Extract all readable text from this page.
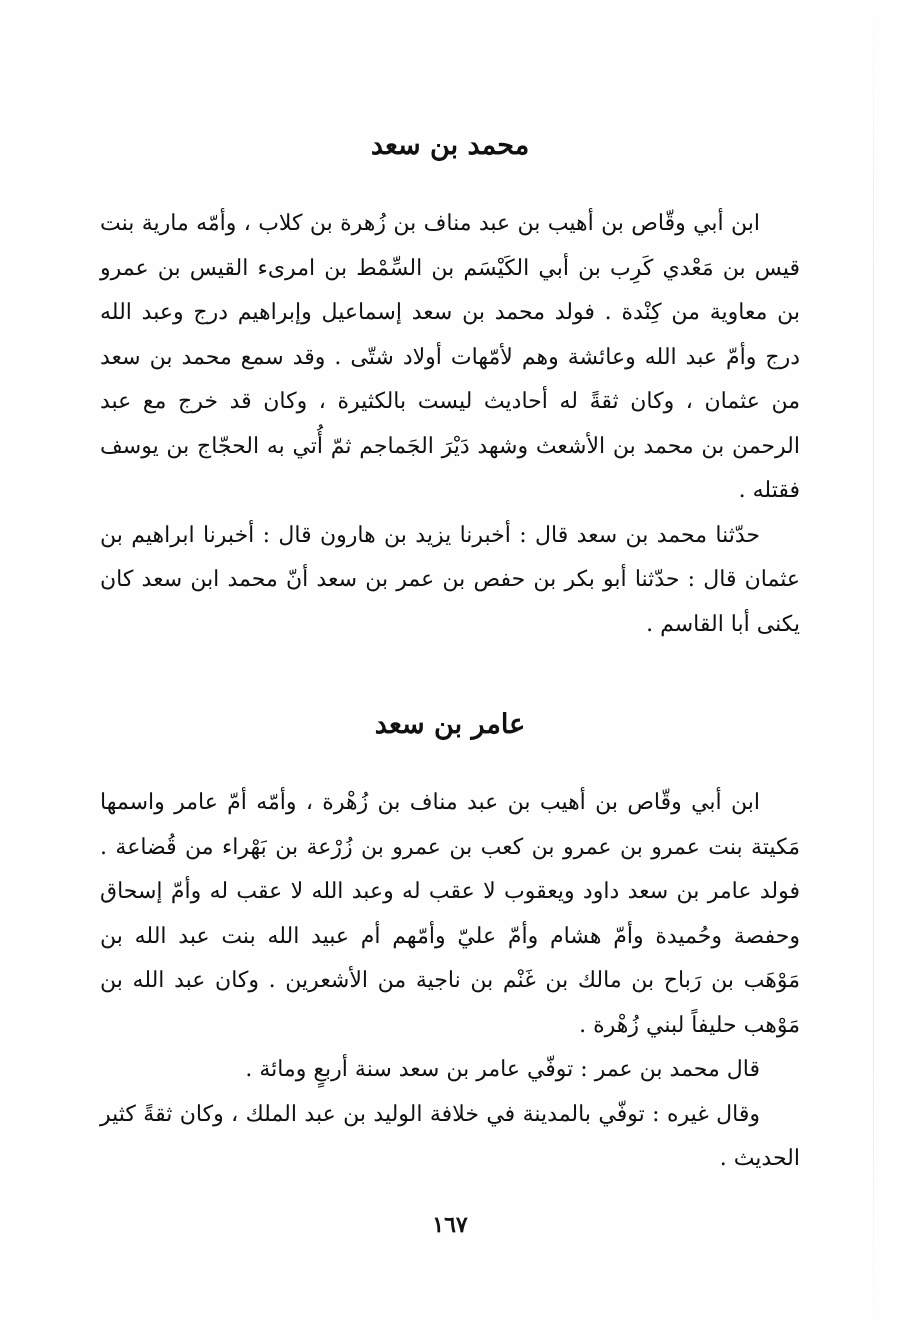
محمد بن سعد

ابن أبي وقّاص بن أهيب بن عبد مناف بن زُهرة بن كلاب ، وأمّه مارية بنت قيس بن مَعْدي كَرِب بن أبي الكَيْسَم بن السِّمْط بن امرىء القيس بن عمرو بن معاوية من كِنْدة . فولد محمد بن سعد إسماعيل وإبراهيم درج وعبد الله درج وأمّ عبد الله وعائشة وهم لأمّهات أولاد شتّى . وقد سمع محمد بن سعد من عثمان ، وكان ثقةً له أحاديث ليست بالكثيرة ، وكان قد خرج مع عبد الرحمن بن محمد بن الأشعث وشهد دَيْرَ الجَماجم ثمّ أُتي به الحجّاج بن يوسف فقتله .

حدّثنا محمد بن سعد قال : أخبرنا يزيد بن هارون قال : أخبرنا ابراهيم بن عثمان قال : حدّثنا أبو بكر بن حفص بن عمر بن سعد أنّ محمد ابن سعد كان يكنى أبا القاسم .

عامر بن سعد

ابن أبي وقّاص بن أهيب بن عبد مناف بن زُهْرة ، وأمّه أمّ عامر واسمها مَكيتة بنت عمرو بن عمرو بن كعب بن عمرو بن زُرْعة بن بَهْراء من قُضاعة . فولد عامر بن سعد داود ويعقوب لا عقب له وعبد الله لا عقب له وأمّ إسحاق وحفصة وحُميدة وأمّ هشام وأمّ عليّ وأمّهم أم عبيد الله بنت عبد الله بن مَوْهَب بن رَباح بن مالك بن غَنْم بن ناجية من الأشعرين . وكان عبد الله بن مَوْهب حليفاً لبني زُهْرة .

قال محمد بن عمر : توفّي عامر بن سعد سنة أربعٍ ومائة .

وقال غيره : توفّي بالمدينة في خلافة الوليد بن عبد الملك ، وكان ثقةً كثير الحديث .

١٦٧
